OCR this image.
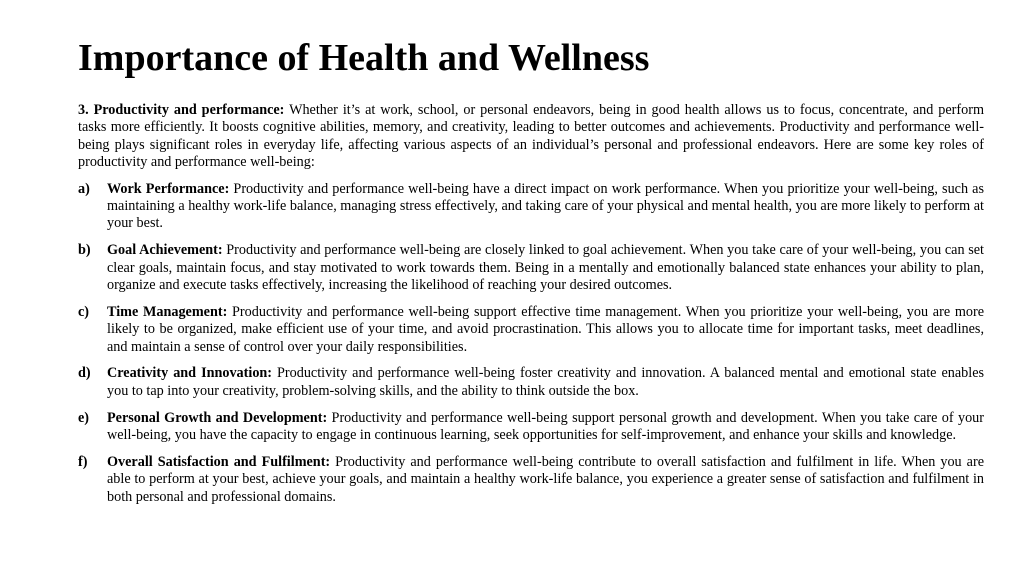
Importance of Health and Wellness

3. Productivity and performance: Whether it’s at work, school, or personal endeavors, being in good health allows us to focus, concentrate, and perform tasks more efficiently. It boosts cognitive abilities, memory, and creativity, leading to better outcomes and achievements. Productivity and performance well-being plays significant roles in everyday life, affecting various aspects of an individual’s personal and professional endeavors. Here are some key roles of productivity and performance well-being:

a) Work Performance: Productivity and performance well-being have a direct impact on work performance. When you prioritize your well-being, such as maintaining a healthy work-life balance, managing stress effectively, and taking care of your physical and mental health, you are more likely to perform at your best.
b) Goal Achievement: Productivity and performance well-being are closely linked to goal achievement. When you take care of your well-being, you can set clear goals, maintain focus, and stay motivated to work towards them. Being in a mentally and emotionally balanced state enhances your ability to plan, organize and execute tasks effectively, increasing the likelihood of reaching your desired outcomes.
c) Time Management: Productivity and performance well-being support effective time management. When you prioritize your well-being, you are more likely to be organized, make efficient use of your time, and avoid procrastination. This allows you to allocate time for important tasks, meet deadlines, and maintain a sense of control over your daily responsibilities.
d) Creativity and Innovation: Productivity and performance well-being foster creativity and innovation. A balanced mental and emotional state enables you to tap into your creativity, problem-solving skills, and the ability to think outside the box.
e) Personal Growth and Development: Productivity and performance well-being support personal growth and development. When you take care of your well-being, you have the capacity to engage in continuous learning, seek opportunities for self-improvement, and enhance your skills and knowledge.
f) Overall Satisfaction and Fulfilment: Productivity and performance well-being contribute to overall satisfaction and fulfilment in life. When you are able to perform at your best, achieve your goals, and maintain a healthy work-life balance, you experience a greater sense of satisfaction and fulfilment in both personal and professional domains.
